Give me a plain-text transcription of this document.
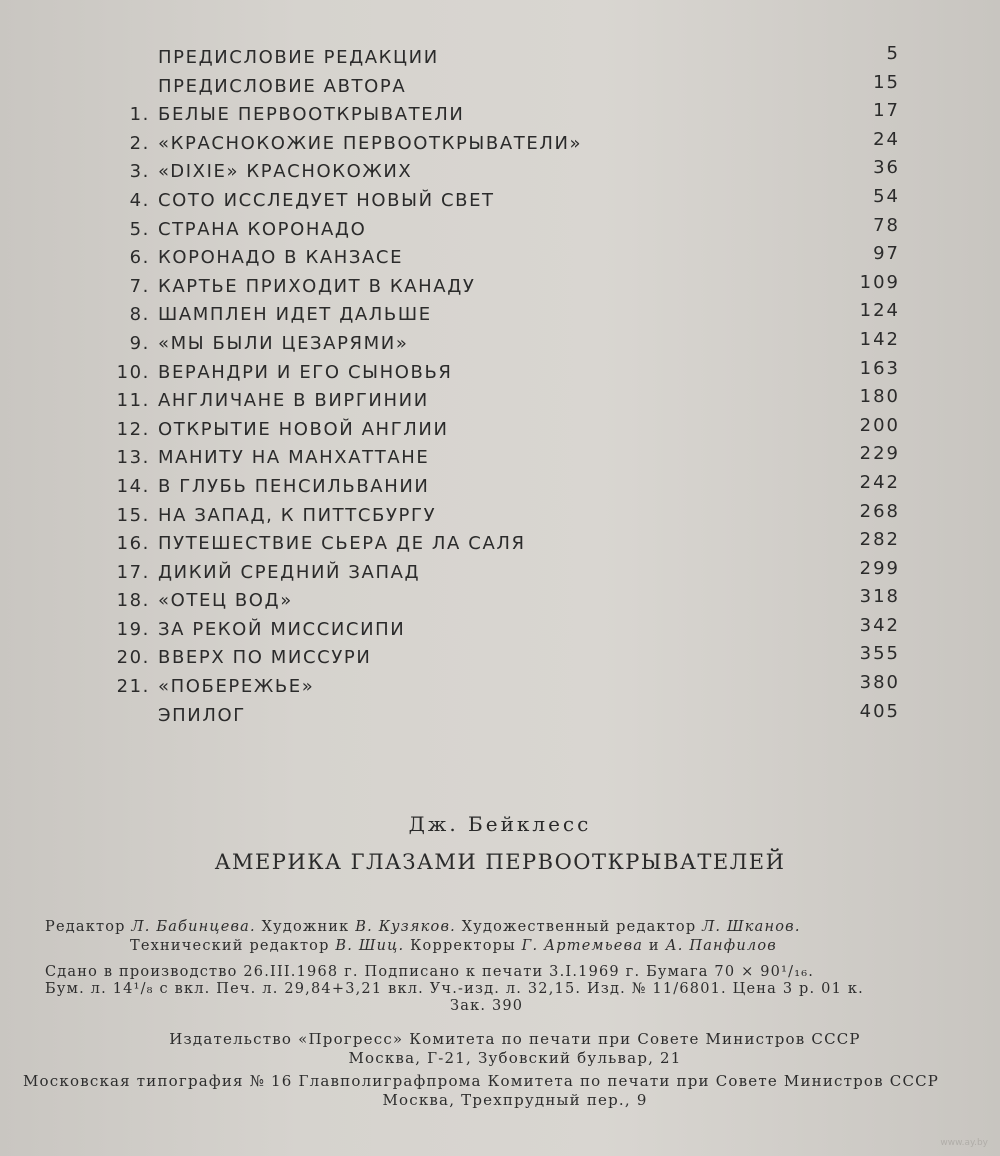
ПРЕДИСЛОВИЕ РЕДАКЦИИ	5
ПРЕДИСЛОВИЕ АВТОРА	15
1. БЕЛЫЕ ПЕРВООТКРЫВАТЕЛИ	17
2. «КРАСНОКОЖИЕ ПЕРВООТКРЫВАТЕЛИ»	24
3. «DIXIE» КРАСНОКОЖИХ	36
4. СОТО ИССЛЕДУЕТ НОВЫЙ СВЕТ	54
5. СТРАНА КОРОНАДО	78
6. КОРОНАДО В КАНЗАСЕ	97
7. КАРТЬЕ ПРИХОДИТ В КАНАДУ	109
8. ШАМПЛЕН ИДЕТ ДАЛЬШЕ	124
9. «МЫ БЫЛИ ЦЕЗАРЯМИ»	142
10. ВЕРАНДРИ И ЕГО СЫНОВЬЯ	163
11. АНГЛИЧАНЕ В ВИРГИНИИ	180
12. ОТКРЫТИЕ НОВОЙ АНГЛИИ	200
13. МАНИТУ НА МАНХАТТАНЕ	229
14. В ГЛУБЬ ПЕНСИЛЬВАНИИ	242
15. НА ЗАПАД, К ПИТТСБУРГУ	268
16. ПУТЕШЕСТВИЕ СЬЕРА ДЕ ЛА САЛЯ	282
17. ДИКИЙ СРЕДНИЙ ЗАПАД	299
18. «ОТЕЦ ВОД»	318
19. ЗА РЕКОЙ МИССИСИПИ	342
20. ВВЕРХ ПО МИССУРИ	355
21. «ПОБЕРЕЖЬЕ»	380
ЭПИЛОГ	405
Дж. Бейклесс
АМЕРИКА ГЛАЗАМИ ПЕРВООТКРЫВАТЕЛЕЙ
Редактор Л. Бабинцева. Художник В. Кузяков. Художественный редактор Л. Шканов.
Технический редактор В. Шиц. Корректоры Г. Артемьева и А. Панфилов
Сдано в производство 26.III.1968 г. Подписано к печати 3.I.1969 г. Бумага 70 × 90¹/₁₆.
Бум. л. 14¹/₈ с вкл. Печ. л. 29,84+3,21 вкл. Уч.-изд. л. 32,15. Изд. № 11/6801. Цена 3 р. 01 к.
Зак. 390
Издательство «Прогресс» Комитета по печати при Совете Министров СССР
Москва, Г-21, Зубовский бульвар, 21
Московская типография № 16 Главполиграфпрома Комитета по печати при Совете Министров СССР
Москва, Трехпрудный пер., 9
www.ay.by
